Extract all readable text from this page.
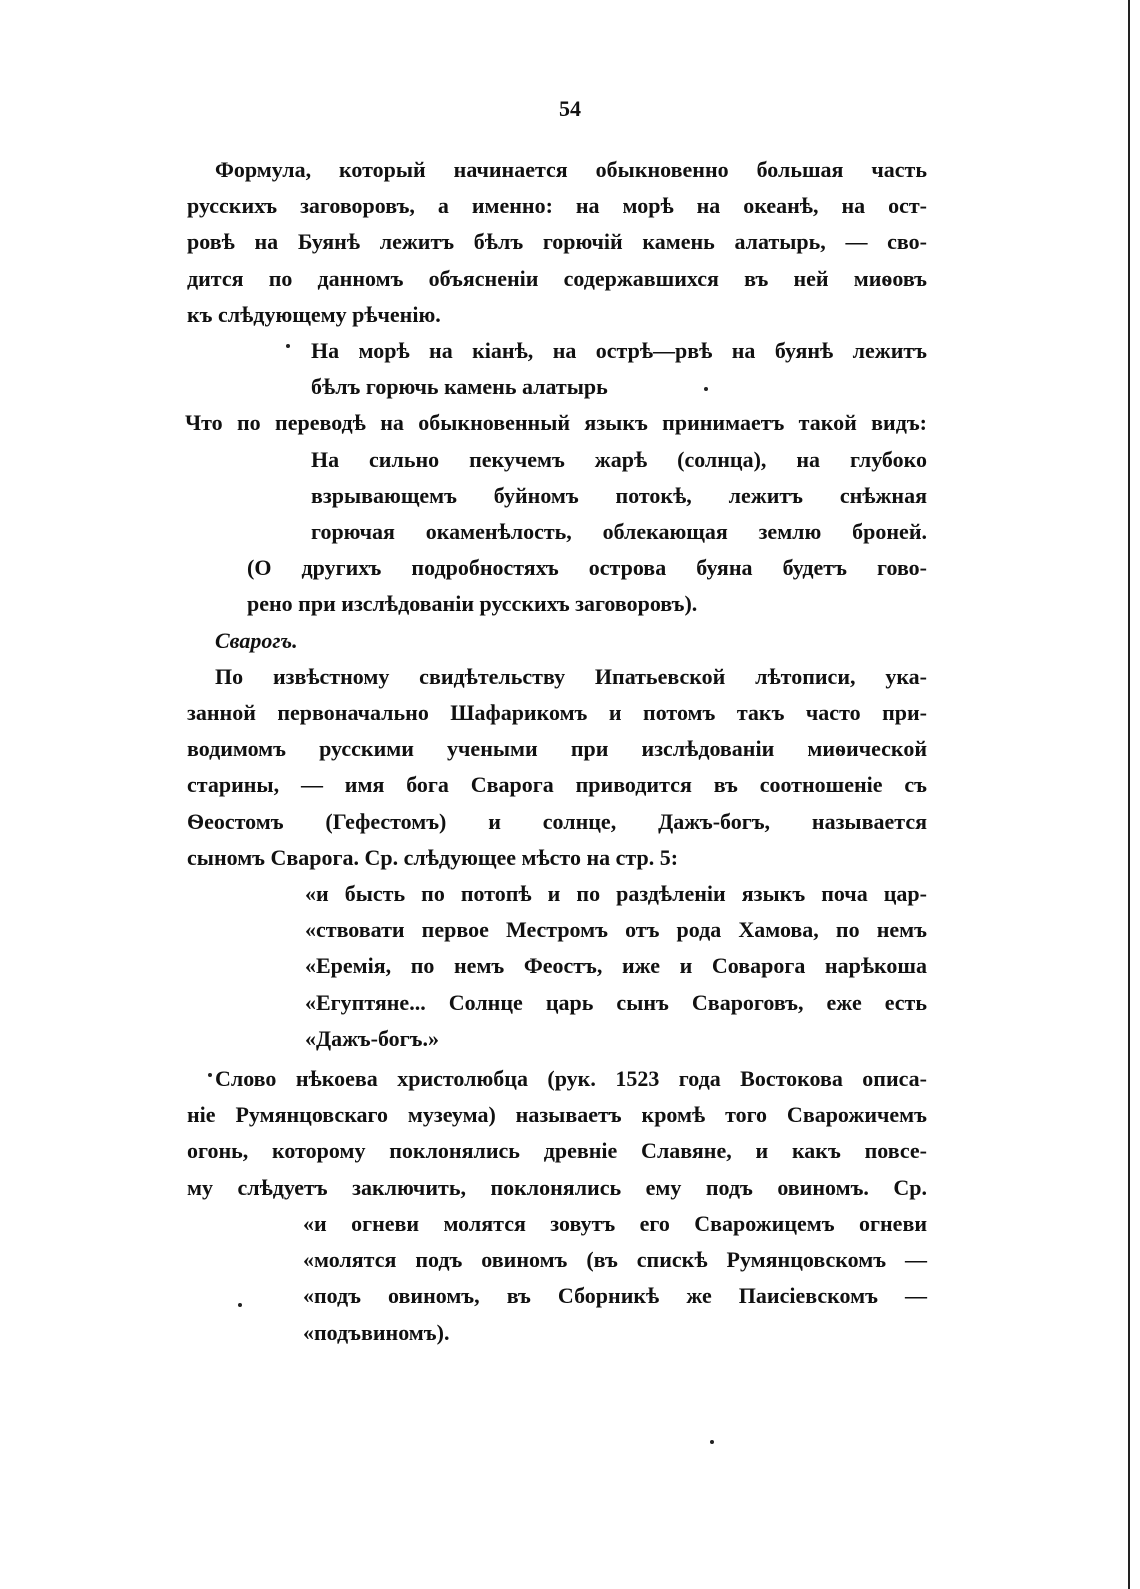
54
Формула, который начинается обыкновенно большая часть
русскихъ заговоровъ, а именно: на морѣ на океанѣ, на ост-
ровѣ на Буянѣ лежитъ бѣлъ горючій камень алатырь, — сво-
дится по данномъ объясненіи содержавшихся въ ней миѳовъ
къ слѣдующему рѣченію.
На морѣ на кіанѣ, на острѣ—рвѣ на буянѣ лежитъ
бѣлъ горючь камень алатырь
Что по переводѣ на обыкновенный языкъ принимаетъ такой видъ:
На сильно пекучемъ жарѣ (солнца), на глубоко
взрывающемъ буйномъ потокѣ, лежитъ снѣжная
горючая окаменѣлость, облекающая землю броней.
(О другихъ подробностяхъ острова буяна будетъ гово-
рено при изслѣдованіи русскихъ заговоровъ).
Сварогъ.
По извѣстному свидѣтельству Ипатьевской лѣтописи, ука-
занной первоначально Шафарикомъ и потомъ такъ часто при-
водимомъ русскими учеными при изслѣдованіи миѳической
старины, — имя бога Сварога приводится въ соотношеніе съ
Ѳеостомъ (Гефестомъ) и солнце, Дажъ-богъ, называется
сыномъ Сварога. Ср. слѣдующее мѣсто на стр. 5:
«и бысть по потопѣ и по раздѣленіи языкъ поча цар-
«ствовати первое Местромъ отъ рода Хамова, по немъ
«Еремія, по немъ Феостъ, иже и Соварога нарѣкоша
«Егуптяне... Солнце царь сынъ Свароговъ, еже есть
«Дажъ-богъ.»
Слово нѣкоева христолюбца (рук. 1523 года Востокова описа-
ніе Румянцовскаго музеума) называетъ кромѣ того Сварожичемъ
огонь, которому поклонялись древніе Славяне, и какъ повсе-
му слѣдуетъ заключить, поклонялись ему подъ овиномъ. Ср.
«и огневи молятся зовутъ его Сварожицемъ огневи
«молятся подъ овиномъ (въ спискѣ Румянцовскомъ —
«подъ овиномъ, въ Сборникѣ же Паисіевскомъ —
«подъвиномъ).
